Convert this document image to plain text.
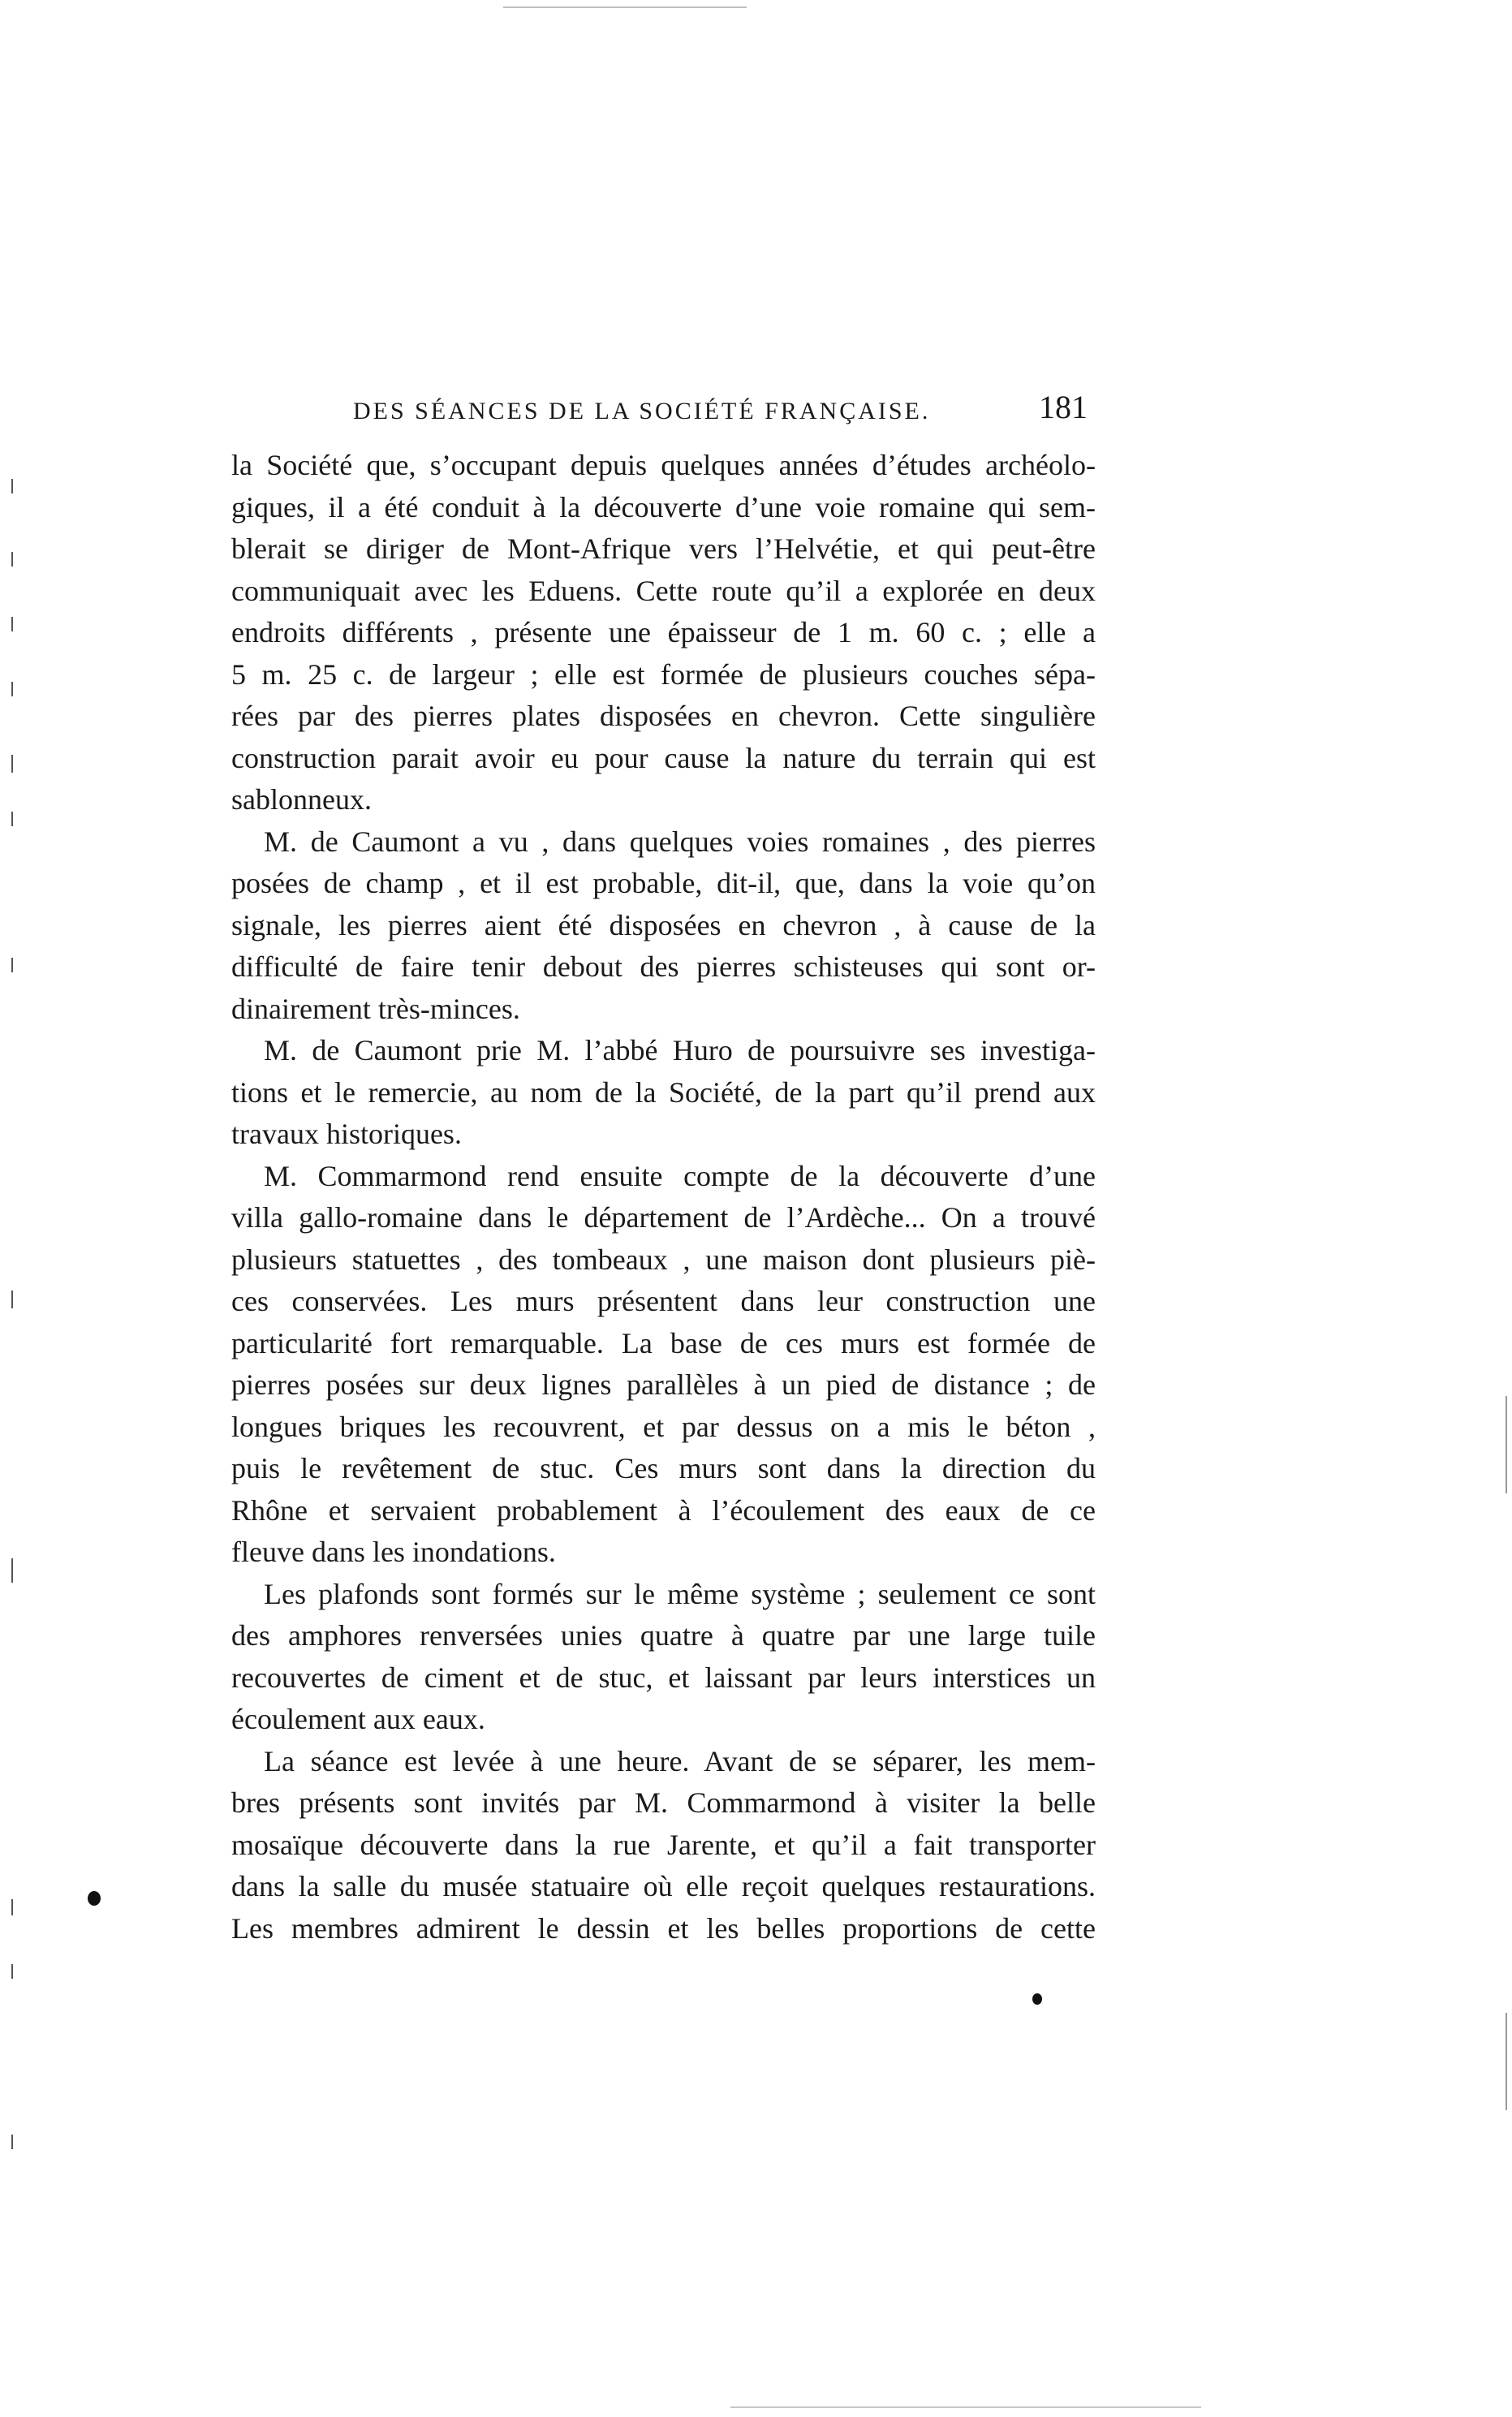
DES SÉANCES DE LA SOCIÉTÉ FRANÇAISE.	181
la Société que, s’occupant depuis quelques années d’études archéolo-
giques, il a été conduit à la découverte d’une voie romaine qui sem-
blerait se diriger de Mont-Afrique vers l’Helvétie, et qui peut-être
communiquait avec les Eduens. Cette route qu’il a explorée en deux
endroits différents , présente une épaisseur de 1 m. 60 c. ; elle a
5 m. 25 c. de largeur ; elle est formée de plusieurs couches sépa-
rées par des pierres plates disposées en chevron. Cette singulière
construction parait avoir eu pour cause la nature du terrain qui est
sablonneux.
M. de Caumont a vu , dans quelques voies romaines , des pierres
posées de champ , et il est probable, dit-il, que, dans la voie qu’on
signale, les pierres aient été disposées en chevron , à cause de la
difficulté de faire tenir debout des pierres schisteuses qui sont or-
dinairement très-minces.
M. de Caumont prie M. l’abbé Huro de poursuivre ses investiga-
tions et le remercie, au nom de la Société, de la part qu’il prend aux
travaux historiques.
M. Commarmond rend ensuite compte de la découverte d’une
villa gallo-romaine dans le département de l’Ardèche... On a trouvé
plusieurs statuettes , des tombeaux , une maison dont plusieurs piè-
ces conservées. Les murs présentent dans leur construction une
particularité fort remarquable. La base de ces murs est formée de
pierres posées sur deux lignes parallèles à un pied de distance ; de
longues briques les recouvrent, et par dessus on a mis le béton ,
puis le revêtement de stuc. Ces murs sont dans la direction du
Rhône et servaient probablement à l’écoulement des eaux de ce
fleuve dans les inondations.
Les plafonds sont formés sur le même système ; seulement ce sont
des amphores renversées unies quatre à quatre par une large tuile
recouvertes de ciment et de stuc, et laissant par leurs interstices un
écoulement aux eaux.
La séance est levée à une heure. Avant de se séparer, les mem-
bres présents sont invités par M. Commarmond à visiter la belle
mosaïque découverte dans la rue Jarente, et qu’il a fait transporter
dans la salle du musée statuaire où elle reçoit quelques restaurations.
Les membres admirent le dessin et les belles proportions de cette
